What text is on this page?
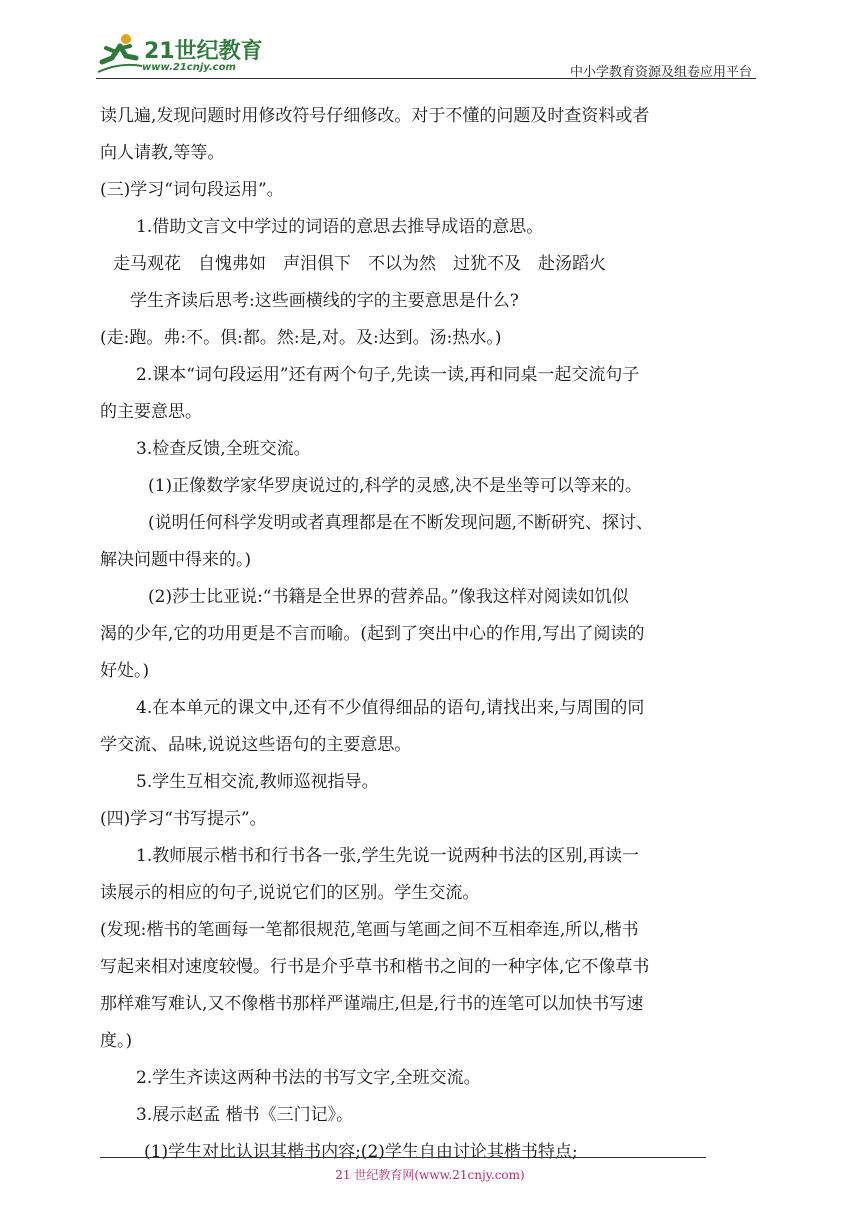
21世纪教育
www.21cnjy.com	中小学教育资源及组卷应用平台
读几遍,发现问题时用修改符号仔细修改。对于不懂的问题及时查资料或者
向人请教,等等。
(三)学习“词句段运用”。
1.借助文言文中学过的词语的意思去推导成语的意思。
走马观花　自愧弗如　声泪俱下　不以为然　过犹不及　赴汤蹈火
学生齐读后思考:这些画横线的字的主要意思是什么?
(走:跑。弗:不。俱:都。然:是,对。及:达到。汤:热水。)
2.课本“词句段运用”还有两个句子,先读一读,再和同桌一起交流句子
的主要意思。
3.检查反馈,全班交流。
(1)正像数学家华罗庚说过的,科学的灵感,决不是坐等可以等来的。
(说明任何科学发明或者真理都是在不断发现问题,不断研究、探讨、
解决问题中得来的。)
(2)莎士比亚说:“书籍是全世界的营养品。”像我这样对阅读如饥似
渴的少年,它的功用更是不言而喻。(起到了突出中心的作用,写出了阅读的
好处。)
4.在本单元的课文中,还有不少值得细品的语句,请找出来,与周围的同
学交流、品味,说说这些语句的主要意思。
5.学生互相交流,教师巡视指导。
(四)学习“书写提示”。
1.教师展示楷书和行书各一张,学生先说一说两种书法的区别,再读一
读展示的相应的句子,说说它们的区别。学生交流。
(发现:楷书的笔画每一笔都很规范,笔画与笔画之间不互相牵连,所以,楷书
写起来相对速度较慢。行书是介乎草书和楷书之间的一种字体,它不像草书
那样难写难认,又不像楷书那样严谨端庄,但是,行书的连笔可以加快书写速
度。)
2.学生齐读这两种书法的书写文字,全班交流。
3.展示赵孟 楷书《三门记》。
(1)学生对比认识其楷书内容;(2)学生自由讨论其楷书特点;
21 世纪教育网(www.21cnjy.com)
